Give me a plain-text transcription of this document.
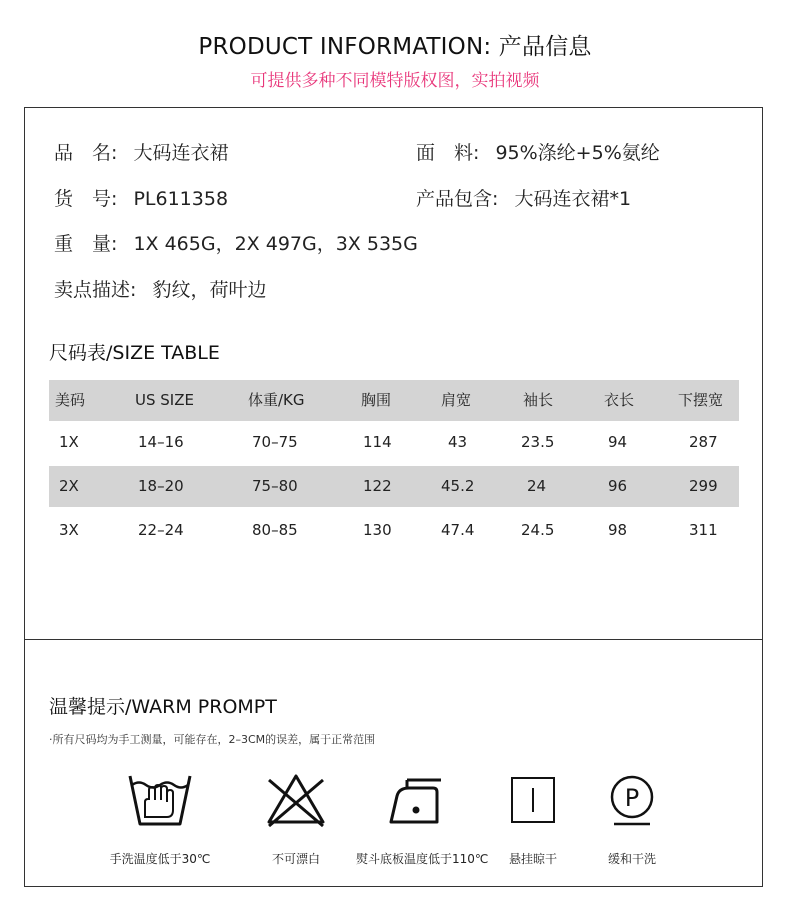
PRODUCT INFORMATION: 产品信息
可提供多种不同模特版权图，实拍视频
品　名: 大码连衣裙	面　料: 95%涤纶+5%氨纶
货　号: PL611358	产品包含: 大码连衣裙*1
重　量: 1X 465G，2X 497G，3X 535G
卖点描述: 豹纹，荷叶边
尺码表/SIZE TABLE
美码	US SIZE	体重/KG	胸围	肩宽	袖长	衣长	下摆宽
1X	14–16	70–75	114	43	23.5	94	287
2X	18–20	75–80	122	45.2	24	96	299
3X	22–24	80–85	130	47.4	24.5	98	311
温馨提示/WARM PROMPT
·所有尺码均为手工测量，可能存在，2–3CM的误差，属于正常范围
手洗温度低于30℃	不可漂白	熨斗底板温度低于110℃	悬挂晾干
P
缓和干洗
